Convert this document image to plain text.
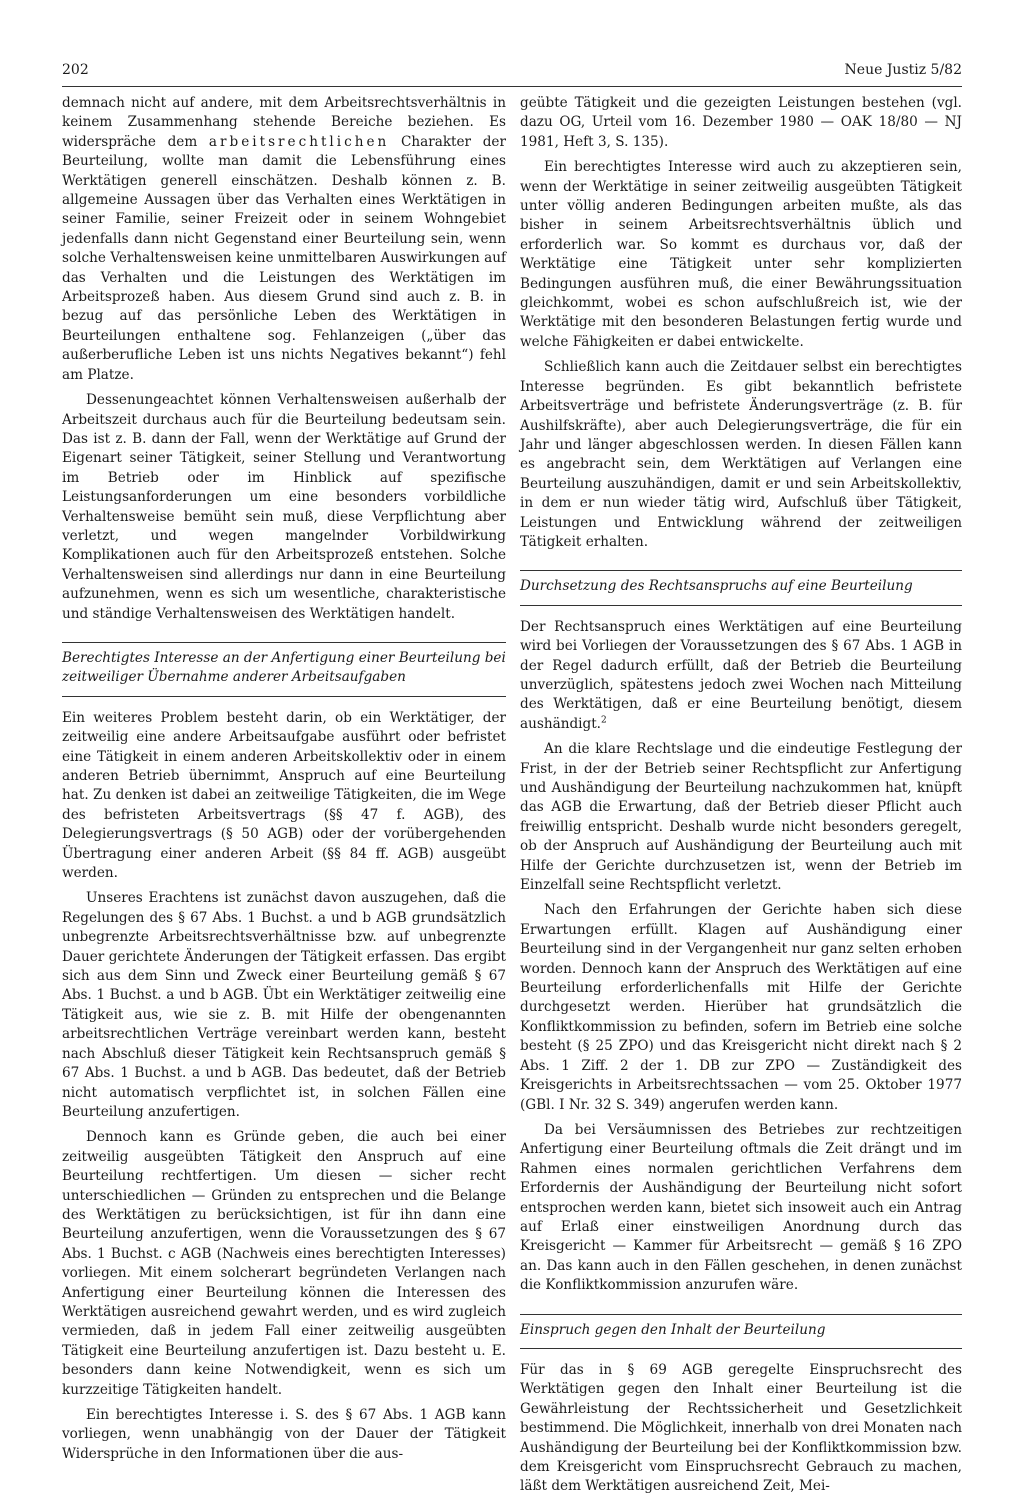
202	Neue Justiz 5/82

demnach nicht auf andere, mit dem Arbeitsrechtsverhältnis in keinem Zusammenhang stehende Bereiche beziehen. Es widerspräche dem arbeitsrechtlichen Charakter der Beurteilung, wollte man damit die Lebensführung eines Werktätigen generell einschätzen. Deshalb können z. B. allgemeine Aussagen über das Verhalten eines Werktätigen in seiner Familie, seiner Freizeit oder in seinem Wohngebiet jedenfalls dann nicht Gegenstand einer Beurteilung sein, wenn solche Verhaltensweisen keine unmittelbaren Auswirkungen auf das Verhalten und die Leistungen des Werktätigen im Arbeitsprozeß haben. Aus diesem Grund sind auch z. B. in bezug auf das persönliche Leben des Werktätigen in Beurteilungen enthaltene sog. Fehlanzeigen („über das außerberufliche Leben ist uns nichts Negatives bekannt“) fehl am Platze.

Dessenungeachtet können Verhaltensweisen außerhalb der Arbeitszeit durchaus auch für die Beurteilung bedeutsam sein. Das ist z. B. dann der Fall, wenn der Werktätige auf Grund der Eigenart seiner Tätigkeit, seiner Stellung und Verantwortung im Betrieb oder im Hinblick auf spezifische Leistungsanforderungen um eine besonders vorbildliche Verhaltensweise bemüht sein muß, diese Verpflichtung aber verletzt, und wegen mangelnder Vorbildwirkung Komplikationen auch für den Arbeitsprozeß entstehen. Solche Verhaltensweisen sind allerdings nur dann in eine Beurteilung aufzunehmen, wenn es sich um wesentliche, charakteristische und ständige Verhaltensweisen des Werktätigen handelt.

Berechtigtes Interesse an der Anfertigung einer Beurteilung bei zeitweiliger Übernahme anderer Arbeitsaufgaben

Ein weiteres Problem besteht darin, ob ein Werktätiger, der zeitweilig eine andere Arbeitsaufgabe ausführt oder befristet eine Tätigkeit in einem anderen Arbeitskollektiv oder in einem anderen Betrieb übernimmt, Anspruch auf eine Beurteilung hat. Zu denken ist dabei an zeitweilige Tätigkeiten, die im Wege des befristeten Arbeitsvertrags (§§ 47 f. AGB), des Delegierungsvertrags (§ 50 AGB) oder der vorübergehenden Übertragung einer anderen Arbeit (§§ 84 ff. AGB) ausgeübt werden.

Unseres Erachtens ist zunächst davon auszugehen, daß die Regelungen des § 67 Abs. 1 Buchst. a und b AGB grundsätzlich unbegrenzte Arbeitsrechtsverhältnisse bzw. auf unbegrenzte Dauer gerichtete Änderungen der Tätigkeit erfassen. Das ergibt sich aus dem Sinn und Zweck einer Beurteilung gemäß § 67 Abs. 1 Buchst. a und b AGB. Übt ein Werktätiger zeitweilig eine Tätigkeit aus, wie sie z. B. mit Hilfe der obengenannten arbeitsrechtlichen Verträge vereinbart werden kann, besteht nach Abschluß dieser Tätigkeit kein Rechtsanspruch gemäß § 67 Abs. 1 Buchst. a und b AGB. Das bedeutet, daß der Betrieb nicht automatisch verpflichtet ist, in solchen Fällen eine Beurteilung anzufertigen.

Dennoch kann es Gründe geben, die auch bei einer zeitweilig ausgeübten Tätigkeit den Anspruch auf eine Beurteilung rechtfertigen. Um diesen — sicher recht unterschiedlichen — Gründen zu entsprechen und die Belange des Werktätigen zu berücksichtigen, ist für ihn dann eine Beurteilung anzufertigen, wenn die Voraussetzungen des § 67 Abs. 1 Buchst. c AGB (Nachweis eines berechtigten Interesses) vorliegen. Mit einem solcherart begründeten Verlangen nach Anfertigung einer Beurteilung können die Interessen des Werktätigen ausreichend gewahrt werden, und es wird zugleich vermieden, daß in jedem Fall einer zeitweilig ausgeübten Tätigkeit eine Beurteilung anzufertigen ist. Dazu besteht u. E. besonders dann keine Notwendigkeit, wenn es sich um kurzzeitige Tätigkeiten handelt.

Ein berechtigtes Interesse i. S. des § 67 Abs. 1 AGB kann vorliegen, wenn unabhängig von der Dauer der Tätigkeit Widersprüche in den Informationen über die aus-

geübte Tätigkeit und die gezeigten Leistungen bestehen (vgl. dazu OG, Urteil vom 16. Dezember 1980 — OAK 18/80 — NJ 1981, Heft 3, S. 135).

Ein berechtigtes Interesse wird auch zu akzeptieren sein, wenn der Werktätige in seiner zeitweilig ausgeübten Tätigkeit unter völlig anderen Bedingungen arbeiten mußte, als das bisher in seinem Arbeitsrechtsverhältnis üblich und erforderlich war. So kommt es durchaus vor, daß der Werktätige eine Tätigkeit unter sehr komplizierten Bedingungen ausführen muß, die einer Bewährungssituation gleichkommt, wobei es schon aufschlußreich ist, wie der Werktätige mit den besonderen Belastungen fertig wurde und welche Fähigkeiten er dabei entwickelte.

Schließlich kann auch die Zeitdauer selbst ein berechtigtes Interesse begründen. Es gibt bekanntlich befristete Arbeitsverträge und befristete Änderungsverträge (z. B. für Aushilfskräfte), aber auch Delegierungsverträge, die für ein Jahr und länger abgeschlossen werden. In diesen Fällen kann es angebracht sein, dem Werktätigen auf Verlangen eine Beurteilung auszuhändigen, damit er und sein Arbeitskollektiv, in dem er nun wieder tätig wird, Aufschluß über Tätigkeit, Leistungen und Entwicklung während der zeitweiligen Tätigkeit erhalten.

Durchsetzung des Rechtsanspruchs auf eine Beurteilung

Der Rechtsanspruch eines Werktätigen auf eine Beurteilung wird bei Vorliegen der Voraussetzungen des § 67 Abs. 1 AGB in der Regel dadurch erfüllt, daß der Betrieb die Beurteilung unverzüglich, spätestens jedoch zwei Wochen nach Mitteilung des Werktätigen, daß er eine Beurteilung benötigt, diesem aushändigt.$^2$

An die klare Rechtslage und die eindeutige Festlegung der Frist, in der der Betrieb seiner Rechtspflicht zur Anfertigung und Aushändigung der Beurteilung nachzukommen hat, knüpft das AGB die Erwartung, daß der Betrieb dieser Pflicht auch freiwillig entspricht. Deshalb wurde nicht besonders geregelt, ob der Anspruch auf Aushändigung der Beurteilung auch mit Hilfe der Gerichte durchzusetzen ist, wenn der Betrieb im Einzelfall seine Rechtspflicht verletzt.

Nach den Erfahrungen der Gerichte haben sich diese Erwartungen erfüllt. Klagen auf Aushändigung einer Beurteilung sind in der Vergangenheit nur ganz selten erhoben worden. Dennoch kann der Anspruch des Werktätigen auf eine Beurteilung erforderlichenfalls mit Hilfe der Gerichte durchgesetzt werden. Hierüber hat grundsätzlich die Konfliktkommission zu befinden, sofern im Betrieb eine solche besteht (§ 25 ZPO) und das Kreisgericht nicht direkt nach § 2 Abs. 1 Ziff. 2 der 1. DB zur ZPO — Zuständigkeit des Kreisgerichts in Arbeitsrechtssachen — vom 25. Oktober 1977 (GBl. I Nr. 32 S. 349) angerufen werden kann.

Da bei Versäumnissen des Betriebes zur rechtzeitigen Anfertigung einer Beurteilung oftmals die Zeit drängt und im Rahmen eines normalen gerichtlichen Verfahrens dem Erfordernis der Aushändigung der Beurteilung nicht sofort entsprochen werden kann, bietet sich insoweit auch ein Antrag auf Erlaß einer einstweiligen Anordnung durch das Kreisgericht — Kammer für Arbeitsrecht — gemäß § 16 ZPO an. Das kann auch in den Fällen geschehen, in denen zunächst die Konfliktkommission anzurufen wäre.

Einspruch gegen den Inhalt der Beurteilung

Für das in § 69 AGB geregelte Einspruchsrecht des Werktätigen gegen den Inhalt einer Beurteilung ist die Gewährleistung der Rechtssicherheit und Gesetzlichkeit bestimmend. Die Möglichkeit, innerhalb von drei Monaten nach Aushändigung der Beurteilung bei der Konfliktkommission bzw. dem Kreisgericht vom Einspruchsrecht Gebrauch zu machen, läßt dem Werktätigen ausreichend Zeit, Mei-
